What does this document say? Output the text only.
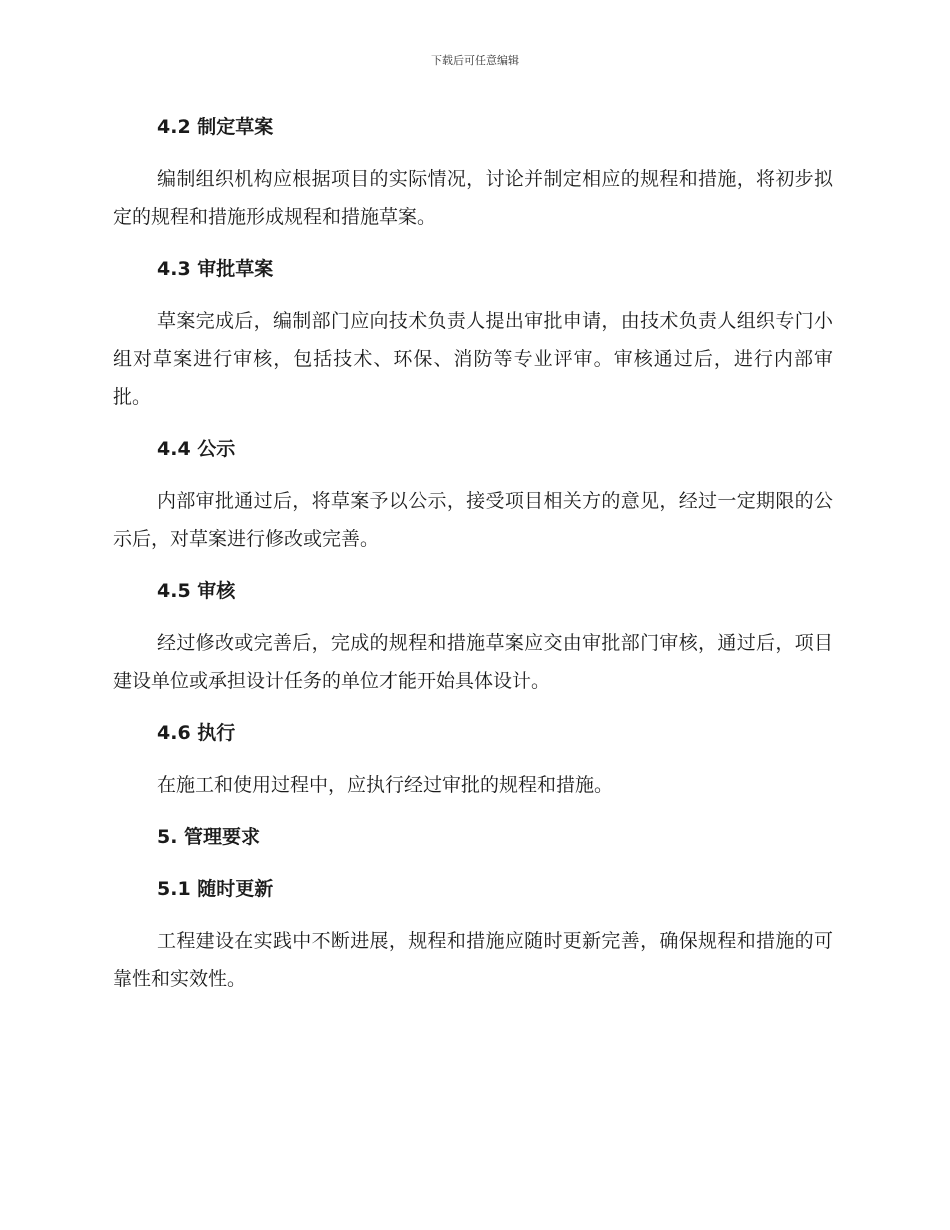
下载后可任意编辑
4.2 制定草案
编制组织机构应根据项目的实际情况，讨论并制定相应的规程和措施，将初步拟定的规程和措施形成规程和措施草案。
4.3 审批草案
草案完成后，编制部门应向技术负责人提出审批申请，由技术负责人组织专门小组对草案进行审核，包括技术、环保、消防等专业评审。审核通过后，进行内部审批。
4.4 公示
内部审批通过后，将草案予以公示，接受项目相关方的意见，经过一定期限的公示后，对草案进行修改或完善。
4.5 审核
经过修改或完善后，完成的规程和措施草案应交由审批部门审核，通过后，项目建设单位或承担设计任务的单位才能开始具体设计。
4.6 执行
在施工和使用过程中，应执行经过审批的规程和措施。
5. 管理要求
5.1 随时更新
工程建设在实践中不断进展，规程和措施应随时更新完善，确保规程和措施的可靠性和实效性。
